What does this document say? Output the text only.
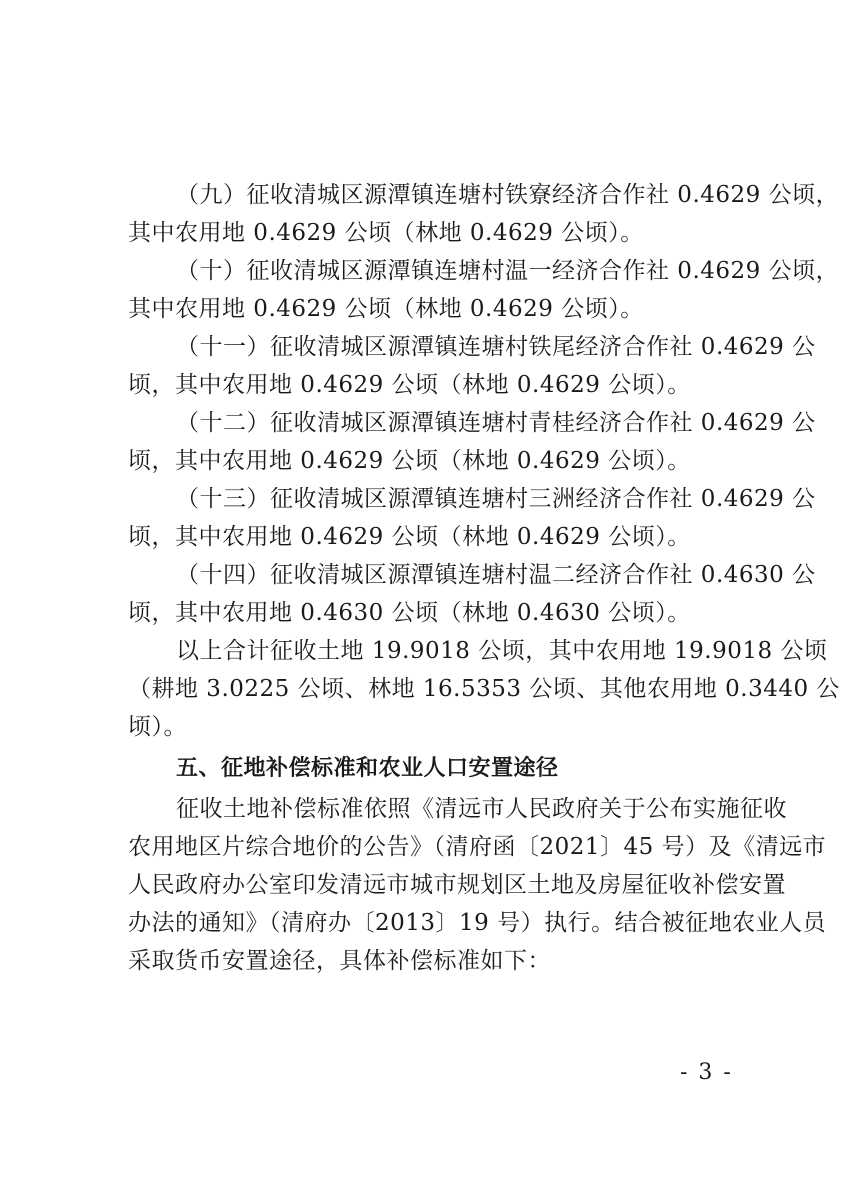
（九）征收清城区源潭镇连塘村铁寮经济合作社 0.4629 公顷，
其中农用地 0.4629 公顷（林地 0.4629 公顷）。
（十）征收清城区源潭镇连塘村温一经济合作社 0.4629 公顷，
其中农用地 0.4629 公顷（林地 0.4629 公顷）。
（十一）征收清城区源潭镇连塘村铁尾经济合作社 0.4629 公
顷，其中农用地 0.4629 公顷（林地 0.4629 公顷）。
（十二）征收清城区源潭镇连塘村青桂经济合作社 0.4629 公
顷，其中农用地 0.4629 公顷（林地 0.4629 公顷）。
（十三）征收清城区源潭镇连塘村三洲经济合作社 0.4629 公
顷，其中农用地 0.4629 公顷（林地 0.4629 公顷）。
（十四）征收清城区源潭镇连塘村温二经济合作社 0.4630 公
顷，其中农用地 0.4630 公顷（林地 0.4630 公顷）。
以上合计征收土地 19.9018 公顷，其中农用地 19.9018 公顷
（耕地 3.0225 公顷、林地 16.5353 公顷、其他农用地 0.3440 公
顷）。
五、征地补偿标准和农业人口安置途径
征收土地补偿标准依照《清远市人民政府关于公布实施征收
农用地区片综合地价的公告》（清府函〔2021〕45 号）及《清远市
人民政府办公室印发清远市城市规划区土地及房屋征收补偿安置
办法的通知》（清府办〔2013〕19 号）执行。结合被征地农业人员
采取货币安置途径，具体补偿标准如下：
- 3 -
